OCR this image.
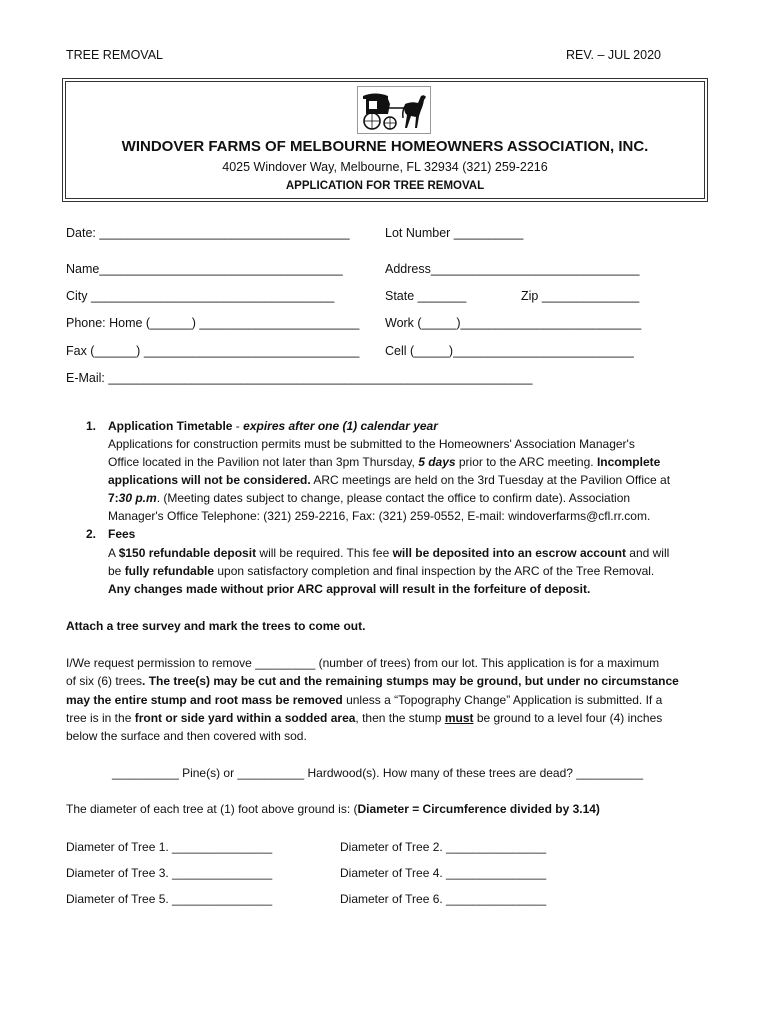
TREE REMOVAL	REV. – JUL 2020
WINDOVER FARMS OF MELBOURNE HOMEOWNERS ASSOCIATION, INC.
4025 Windover Way, Melbourne, FL 32934 (321) 259-2216
APPLICATION FOR TREE REMOVAL
Date: ____________________________________	Lot Number __________
Name___________________________________	Address______________________________
City ___________________________________	State _______	Zip ______________
Phone: Home (______) _______________________ Work (_____)__________________________
Fax (______) _______________________________ Cell (_____)__________________________
E-Mail: _____________________________________________________________
1. Application Timetable - expires after one (1) calendar year
Applications for construction permits must be submitted to the Homeowners' Association Manager's
Office located in the Pavilion not later than 3pm Thursday, 5 days prior to the ARC meeting. Incomplete
applications will not be considered. ARC meetings are held on the 3rd Tuesday at the Pavilion Office at
7:30 p.m. (Meeting dates subject to change, please contact the office to confirm date). Association
Manager's Office Telephone: (321) 259-2216, Fax: (321) 259-0552, E-mail: windoverfarms@cfl.rr.com.
2. Fees
A $150 refundable deposit will be required. This fee will be deposited into an escrow account and will
be fully refundable upon satisfactory completion and final inspection by the ARC of the Tree Removal.
Any changes made without prior ARC approval will result in the forfeiture of deposit.
Attach a tree survey and mark the trees to come out.
I/We request permission to remove _________ (number of trees) from our lot. This application is for a maximum
of six (6) trees. The tree(s) may be cut and the remaining stumps may be ground, but under no circumstance
may the entire stump and root mass be removed unless a “Topography Change” Application is submitted. If a
tree is in the front or side yard within a sodded area, then the stump must be ground to a level four (4) inches
below the surface and then covered with sod.
__________ Pine(s) or __________ Hardwood(s). How many of these trees are dead? __________
The diameter of each tree at (1) foot above ground is: (Diameter = Circumference divided by 3.14)
Diameter of Tree 1. _______________	Diameter of Tree 2. _______________
Diameter of Tree 3. _______________	Diameter of Tree 4. _______________
Diameter of Tree 5. _______________	Diameter of Tree 6. _______________
